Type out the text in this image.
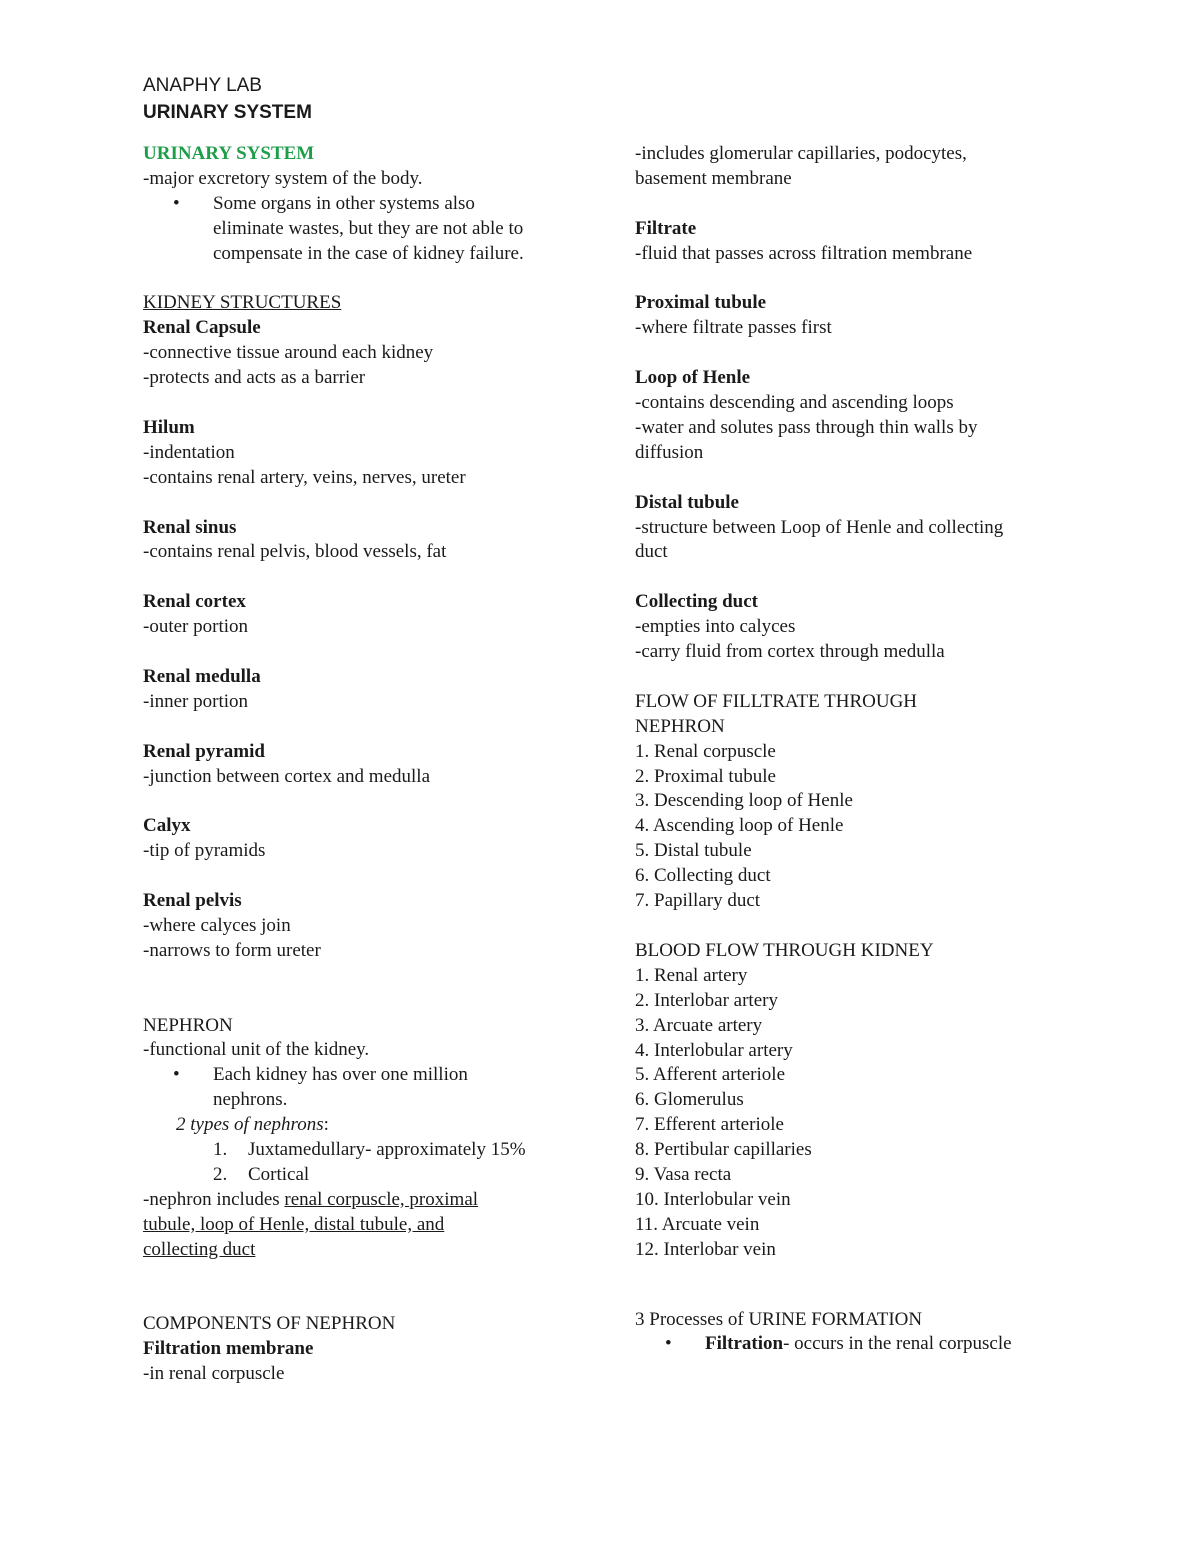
ANAPHY LAB
URINARY SYSTEM
URINARY SYSTEM
-major excretory system of the body.
• Some organs in other systems also
eliminate wastes, but they are not able to
compensate in the case of kidney failure.
KIDNEY STRUCTURES
Renal Capsule
-connective tissue around each kidney
-protects and acts as a barrier
Hilum
-indentation
-contains renal artery, veins, nerves, ureter
Renal sinus
-contains renal pelvis, blood vessels, fat
Renal cortex
-outer portion
Renal medulla
-inner portion
Renal pyramid
-junction between cortex and medulla
Calyx
-tip of pyramids
Renal pelvis
-where calyces join
-narrows to form ureter
NEPHRON
-functional unit of the kidney.
• Each kidney has over one million
nephrons.
2 types of nephrons:
1. Juxtamedullary- approximately 15%
2. Cortical
-nephron includes renal corpuscle, proximal
tubule, loop of Henle, distal tubule, and
collecting duct
COMPONENTS OF NEPHRON
Filtration membrane
-in renal corpuscle
-includes glomerular capillaries, podocytes,
basement membrane
Filtrate
-fluid that passes across filtration membrane
Proximal tubule
-where filtrate passes first
Loop of Henle
-contains descending and ascending loops
-water and solutes pass through thin walls by
diffusion
Distal tubule
-structure between Loop of Henle and collecting
duct
Collecting duct
-empties into calyces
-carry fluid from cortex through medulla
FLOW OF FILLTRATE THROUGH
NEPHRON
1. Renal corpuscle
2. Proximal tubule
3. Descending loop of Henle
4. Ascending loop of Henle
5. Distal tubule
6. Collecting duct
7. Papillary duct
BLOOD FLOW THROUGH KIDNEY
1. Renal artery
2. Interlobar artery
3. Arcuate artery
4. Interlobular artery
5. Afferent arteriole
6. Glomerulus
7. Efferent arteriole
8. Pertibular capillaries
9. Vasa recta
10. Interlobular vein
11. Arcuate vein
12. Interlobar vein
3 Processes of URINE FORMATION
• Filtration- occurs in the renal corpuscle
